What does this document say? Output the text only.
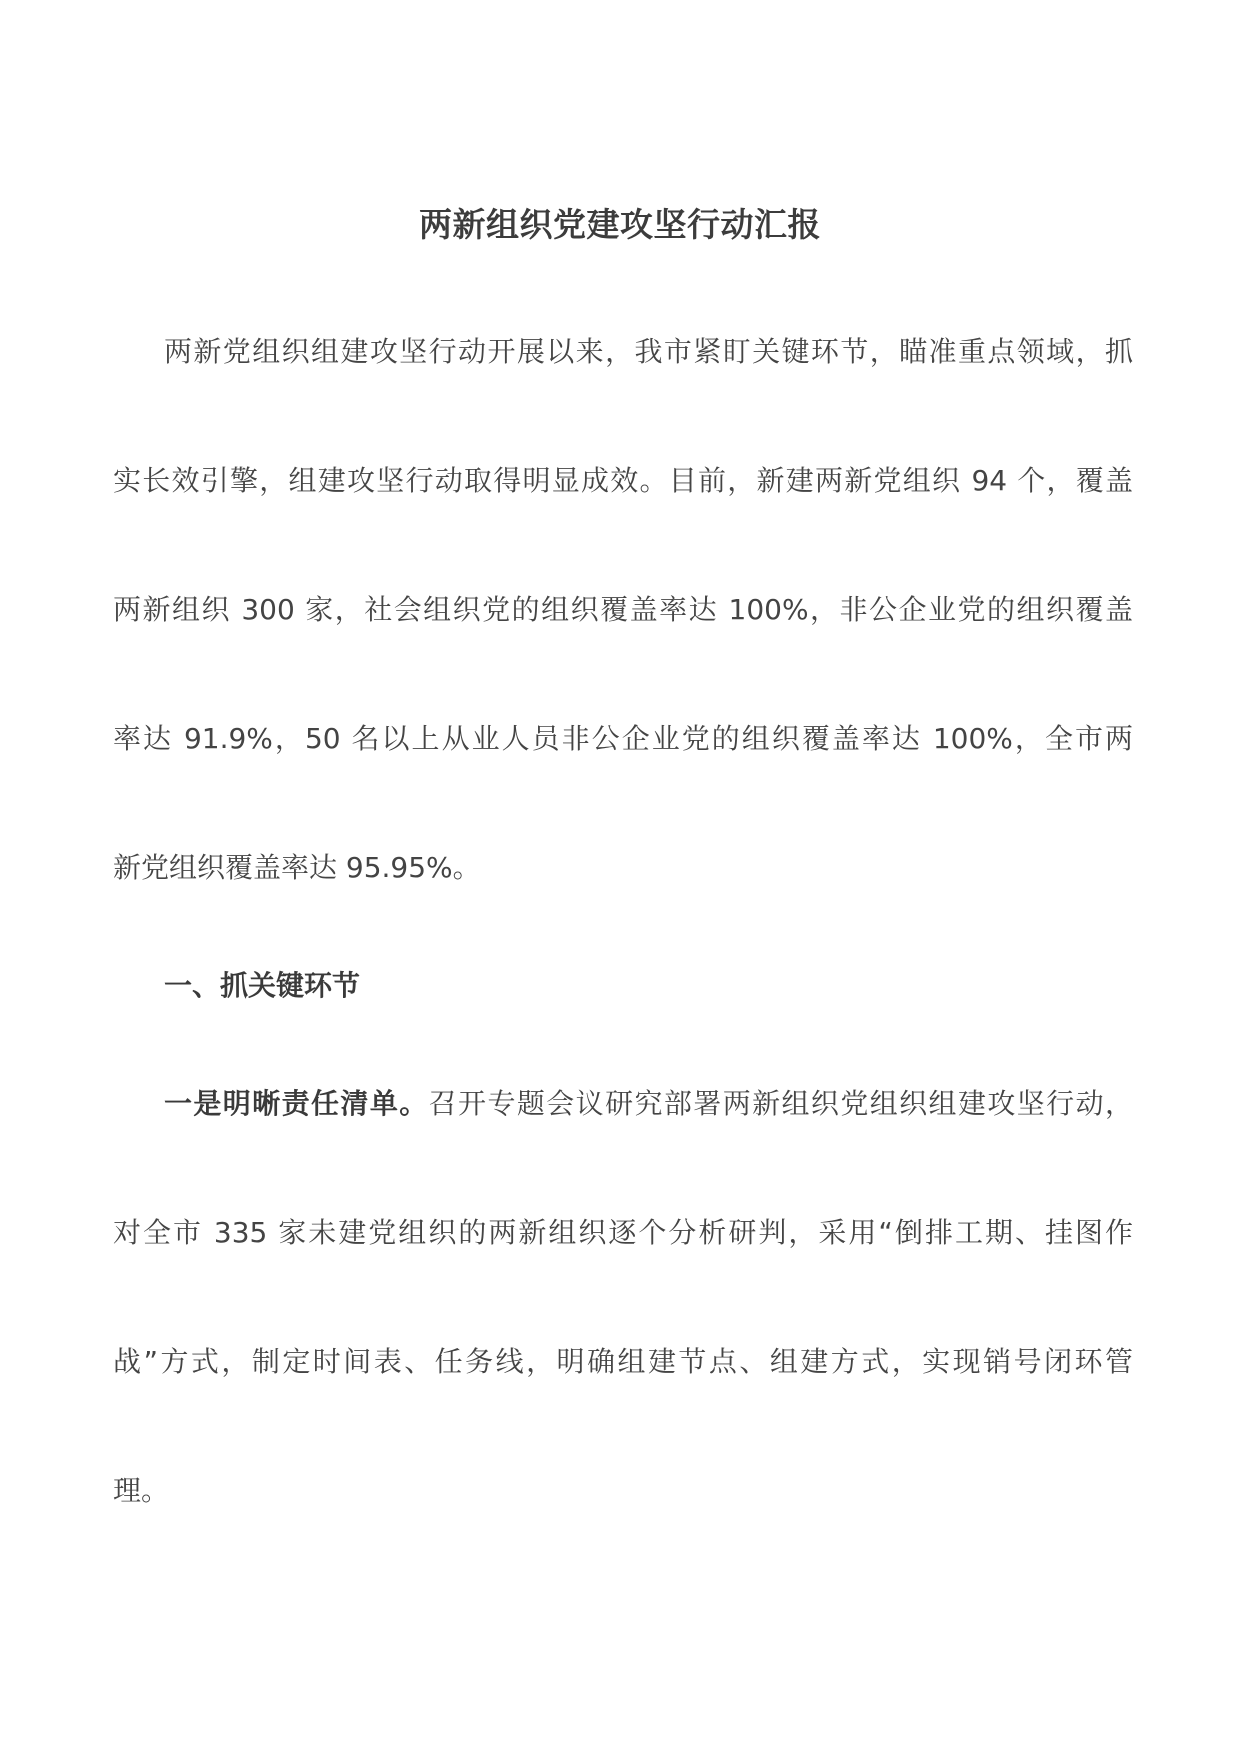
两新组织党建攻坚行动汇报
两新党组织组建攻坚行动开展以来，我市紧盯关键环节，瞄准重点领域，抓
实长效引擎，组建攻坚行动取得明显成效。目前，新建两新党组织 94 个，覆盖
两新组织 300 家，社会组织党的组织覆盖率达 100%，非公企业党的组织覆盖
率达 91.9%，50 名以上从业人员非公企业党的组织覆盖率达 100%，全市两
新党组织覆盖率达 95.95%。
一、抓关键环节
一是明晰责任清单。召开专题会议研究部署两新组织党组织组建攻坚行动，
对全市 335 家未建党组织的两新组织逐个分析研判，采用“倒排工期、挂图作
战”方式，制定时间表、任务线，明确组建节点、组建方式，实现销号闭环管
理。
